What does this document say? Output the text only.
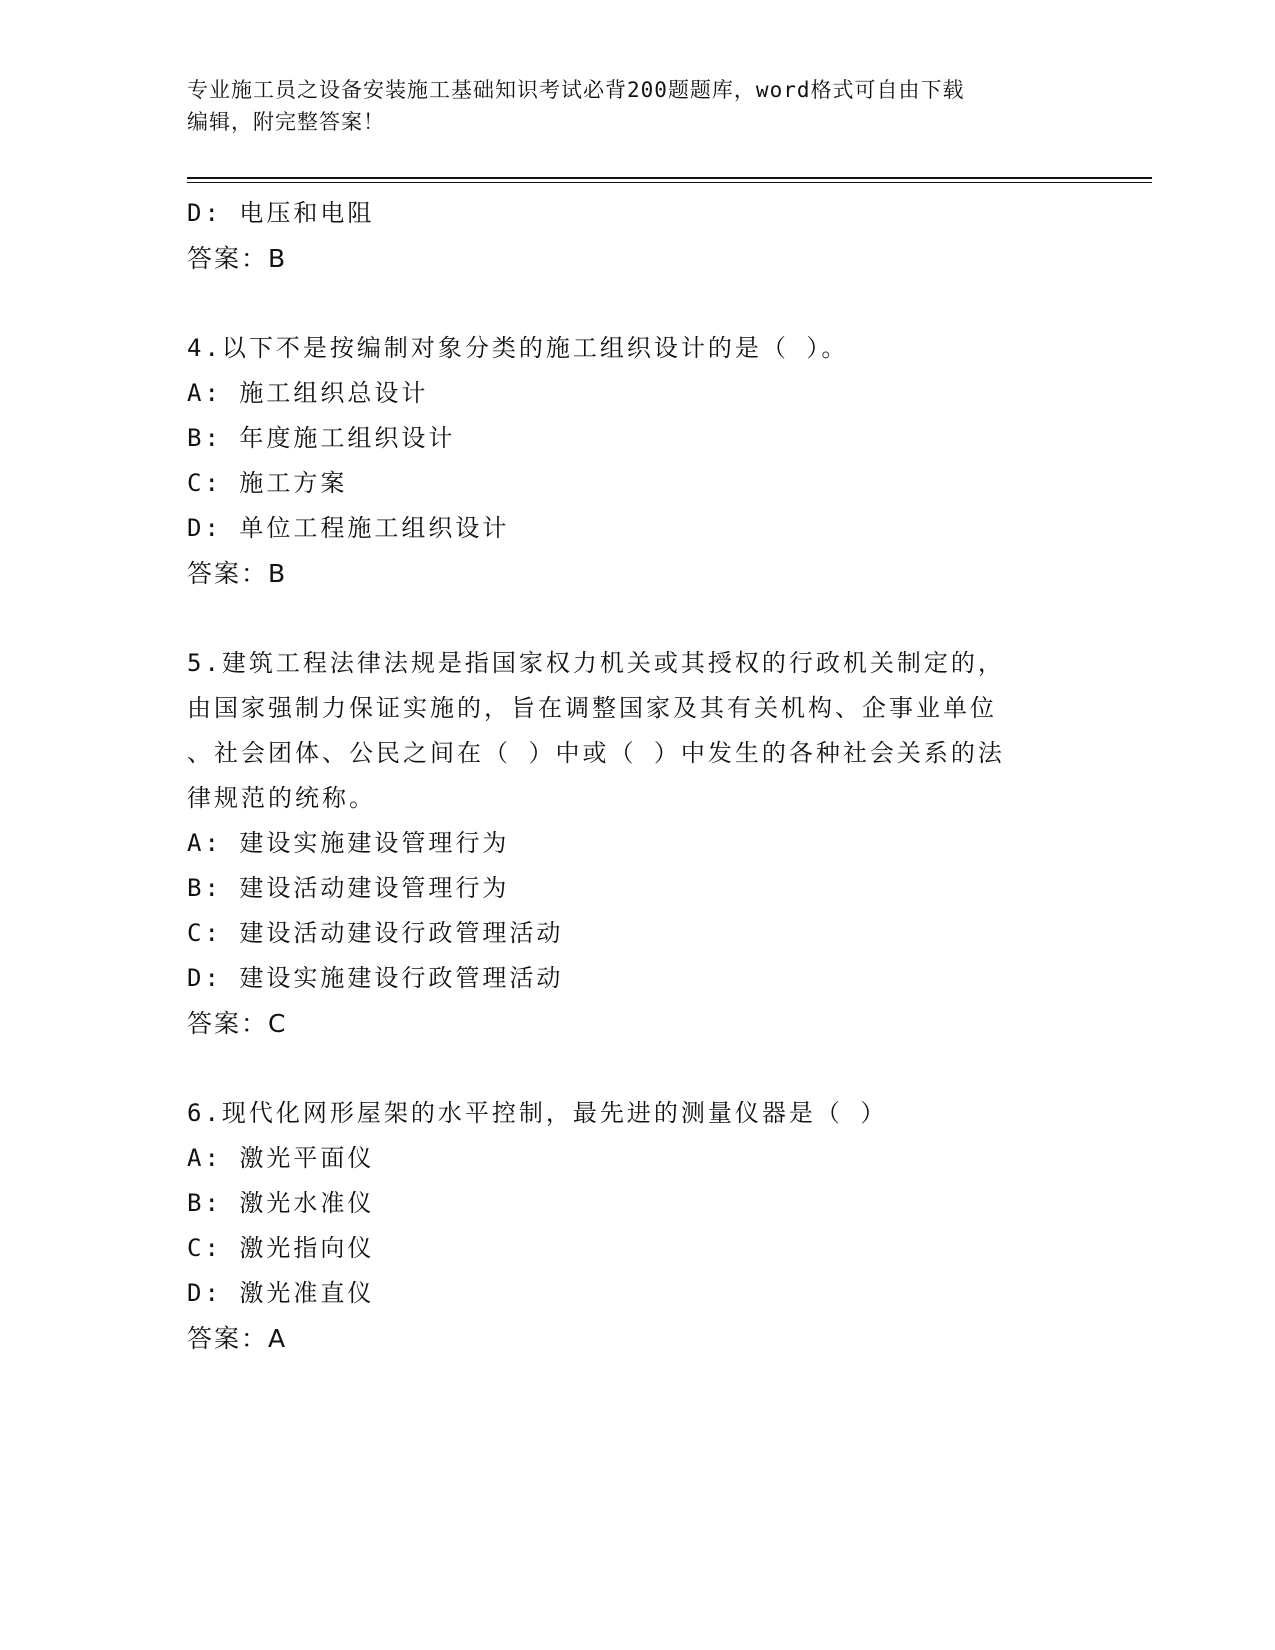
专业施工员之设备安装施工基础知识考试必背200题题库，word格式可自由下载
编辑，附完整答案！
D: 电压和电阻
答案：B
4.以下不是按编制对象分类的施工组织设计的是（ ）。
A: 施工组织总设计
B: 年度施工组织设计
C: 施工方案
D: 单位工程施工组织设计
答案：B
5.建筑工程法律法规是指国家权力机关或其授权的行政机关制定的，
由国家强制力保证实施的，旨在调整国家及其有关机构、企事业单位
、社会团体、公民之间在（ ）中或（ ）中发生的各种社会关系的法
律规范的统称。
A: 建设实施建设管理行为
B: 建设活动建设管理行为
C: 建设活动建设行政管理活动
D: 建设实施建设行政管理活动
答案：C
6.现代化网形屋架的水平控制，最先进的测量仪器是（ ）
A: 激光平面仪
B: 激光水准仪
C: 激光指向仪
D: 激光准直仪
答案：A
